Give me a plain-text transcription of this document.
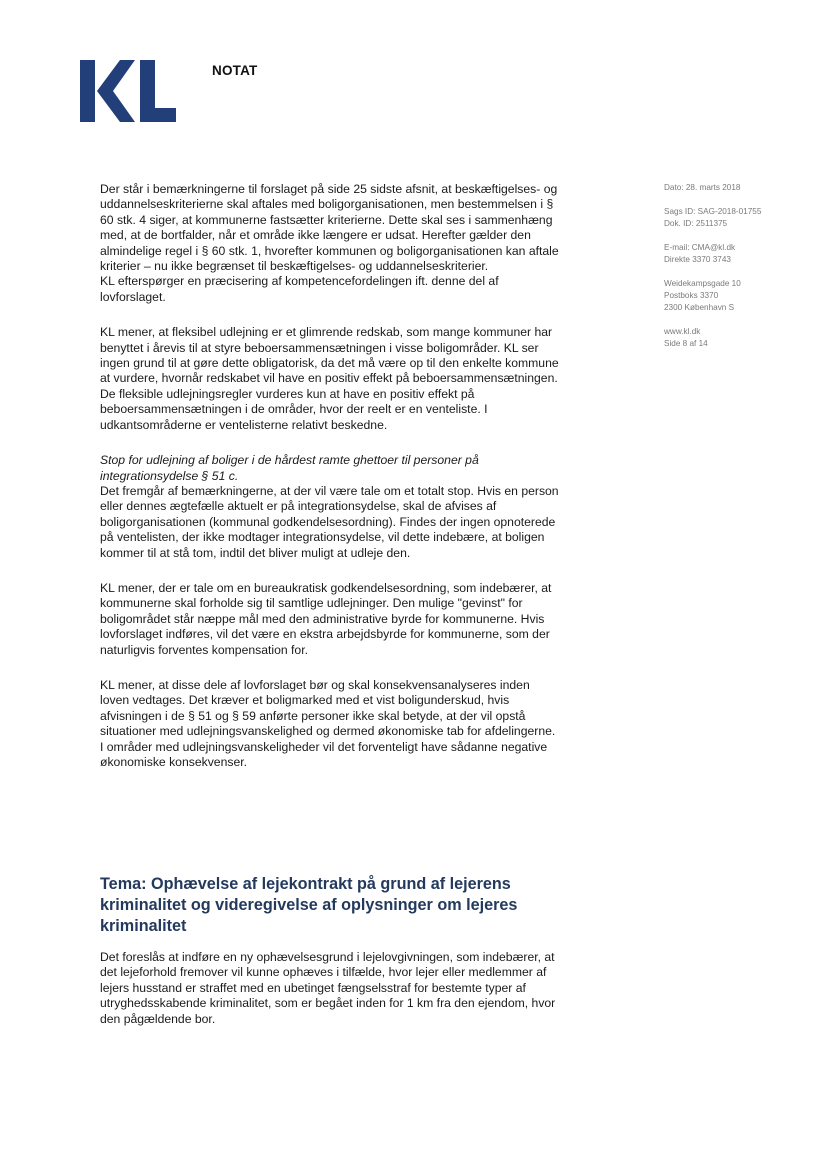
NOTAT
Dato: 28. marts 2018
Sags ID: SAG-2018-01755
Dok. ID: 2511375
E-mail: CMA@kl.dk
Direkte 3370 3743
Weidekampsgade 10
Postboks 3370
2300 København S
www.kl.dk
Side 8 af 14

Der står i bemærkningerne til forslaget på side 25 sidste afsnit, at beskæftigelses- og uddannelseskriterierne skal aftales med boligorganisationen, men bestemmelsen i § 60 stk. 4 siger, at kommunerne fastsætter kriterierne. Dette skal ses i sammenhæng med, at de bortfalder, når et område ikke længere er udsat. Herefter gælder den almindelige regel i § 60 stk. 1, hvorefter kommunen og boligorganisationen kan aftale kriterier – nu ikke begrænset til beskæftigelses- og uddannelseskriterier.
KL efterspørger en præcisering af kompetencefordelingen ift. denne del af lovforslaget.

KL mener, at fleksibel udlejning er et glimrende redskab, som mange kommuner har benyttet i årevis til at styre beboersammensætningen i visse boligområder. KL ser ingen grund til at gøre dette obligatorisk, da det må være op til den enkelte kommune at vurdere, hvornår redskabet vil have en positiv effekt på beboersammensætningen. De fleksible udlejningsregler vurderes kun at have en positiv effekt på beboersammensætningen i de områder, hvor der reelt er en venteliste. I udkantsområderne er ventelisterne relativt beskedne.

Stop for udlejning af boliger i de hårdest ramte ghettoer til personer på integrationsydelse § 51 c.
Det fremgår af bemærkningerne, at der vil være tale om et totalt stop. Hvis en person eller dennes ægtefælle aktuelt er på integrationsydelse, skal de afvises af boligorganisationen (kommunal godkendelsesordning). Findes der ingen opnoterede på ventelisten, der ikke modtager integrationsydelse, vil dette indebære, at boligen kommer til at stå tom, indtil det bliver muligt at udleje den.

KL mener, der er tale om en bureaukratisk godkendelsesordning, som indebærer, at kommunerne skal forholde sig til samtlige udlejninger. Den mulige "gevinst" for boligområdet står næppe mål med den administrative byrde for kommunerne. Hvis lovforslaget indføres, vil det være en ekstra arbejdsbyrde for kommunerne, som der naturligvis forventes kompensation for.

KL mener, at disse dele af lovforslaget bør og skal konsekvensanalyseres inden loven vedtages. Det kræver et boligmarked med et vist boligunderskud, hvis afvisningen i de § 51 og § 59 anførte personer ikke skal betyde, at der vil opstå situationer med udlejningsvanskelighed og dermed økonomiske tab for afdelingerne. I områder med udlejningsvanskeligheder vil det forventeligt have sådanne negative økonomiske konsekvenser.

Tema: Ophævelse af lejekontrakt på grund af lejerens kriminalitet og videregivelse af oplysninger om lejeres kriminalitet

Det foreslås at indføre en ny ophævelsesgrund i lejelovgivningen, som indebærer, at det lejeforhold fremover vil kunne ophæves i tilfælde, hvor lejer eller medlemmer af lejers husstand er straffet med en ubetinget fængselsstraf for bestemte typer af utryghedsskabende kriminalitet, som er begået inden for 1 km fra den ejendom, hvor den pågældende bor.
